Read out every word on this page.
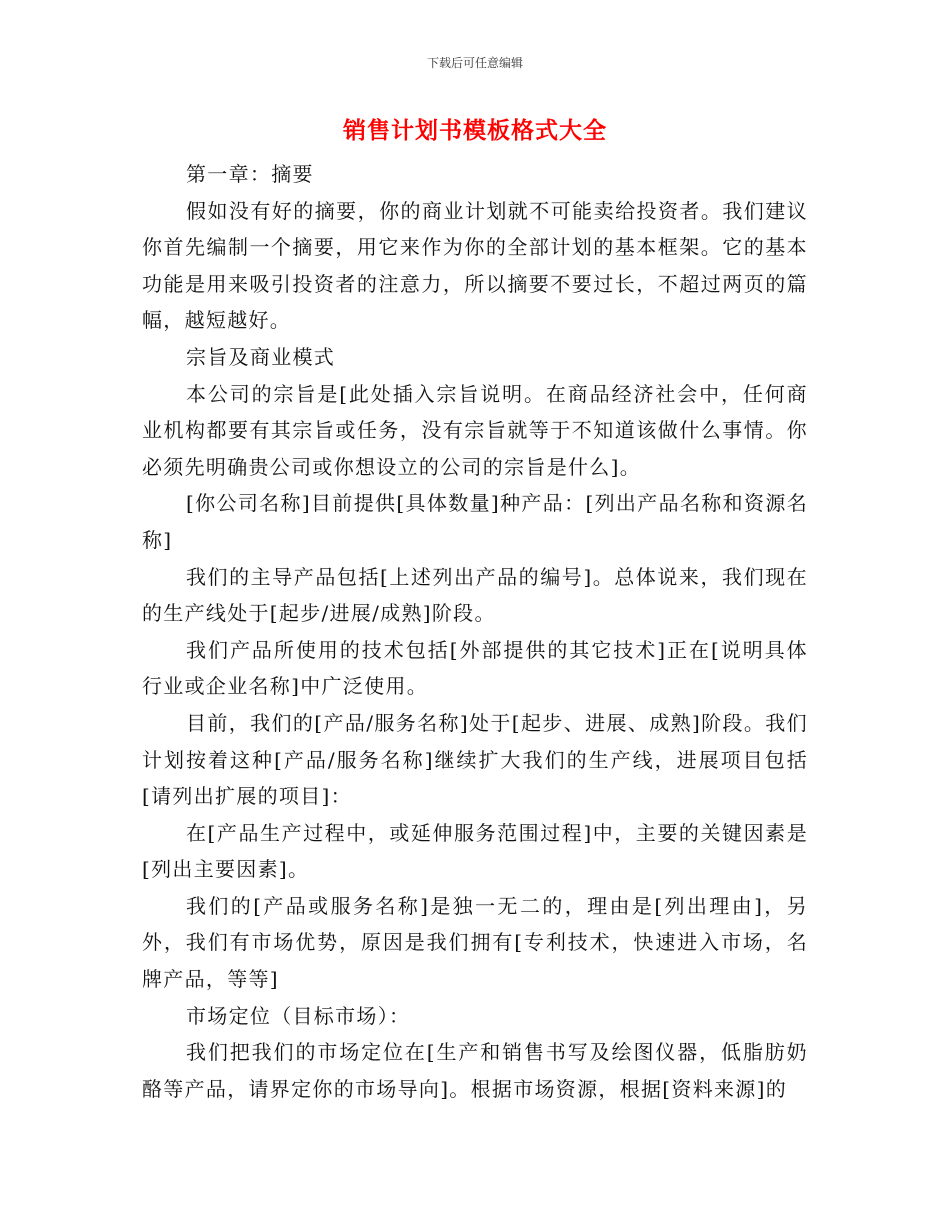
下载后可任意编辑
销售计划书模板格式大全

第一章：摘要

假如没有好的摘要，你的商业计划就不可能卖给投资者。我们建议你首先编制一个摘要，用它来作为你的全部计划的基本框架。它的基本功能是用来吸引投资者的注意力，所以摘要不要过长，不超过两页的篇幅，越短越好。

宗旨及商业模式

本公司的宗旨是[此处插入宗旨说明。在商品经济社会中，任何商业机构都要有其宗旨或任务，没有宗旨就等于不知道该做什么事情。你必须先明确贵公司或你想设立的公司的宗旨是什么]。

[你公司名称]目前提供[具体数量]种产品：[列出产品名称和资源名称]

我们的主导产品包括[上述列出产品的编号]。总体说来，我们现在的生产线处于[起步/进展/成熟]阶段。

我们产品所使用的技术包括[外部提供的其它技术]正在[说明具体行业或企业名称]中广泛使用。

目前，我们的[产品/服务名称]处于[起步、进展、成熟]阶段。我们计划按着这种[产品/服务名称]继续扩大我们的生产线，进展项目包括[请列出扩展的项目]：

在[产品生产过程中，或延伸服务范围过程]中，主要的关键因素是[列出主要因素]。

我们的[产品或服务名称]是独一无二的，理由是[列出理由]，另外，我们有市场优势，原因是我们拥有[专利技术，快速进入市场，名牌产品，等等]

市场定位（目标市场）：

我们把我们的市场定位在[生产和销售书写及绘图仪器，低脂肪奶酪等产品，请界定你的市场导向]。根据市场资源，根据[资料来源]的
